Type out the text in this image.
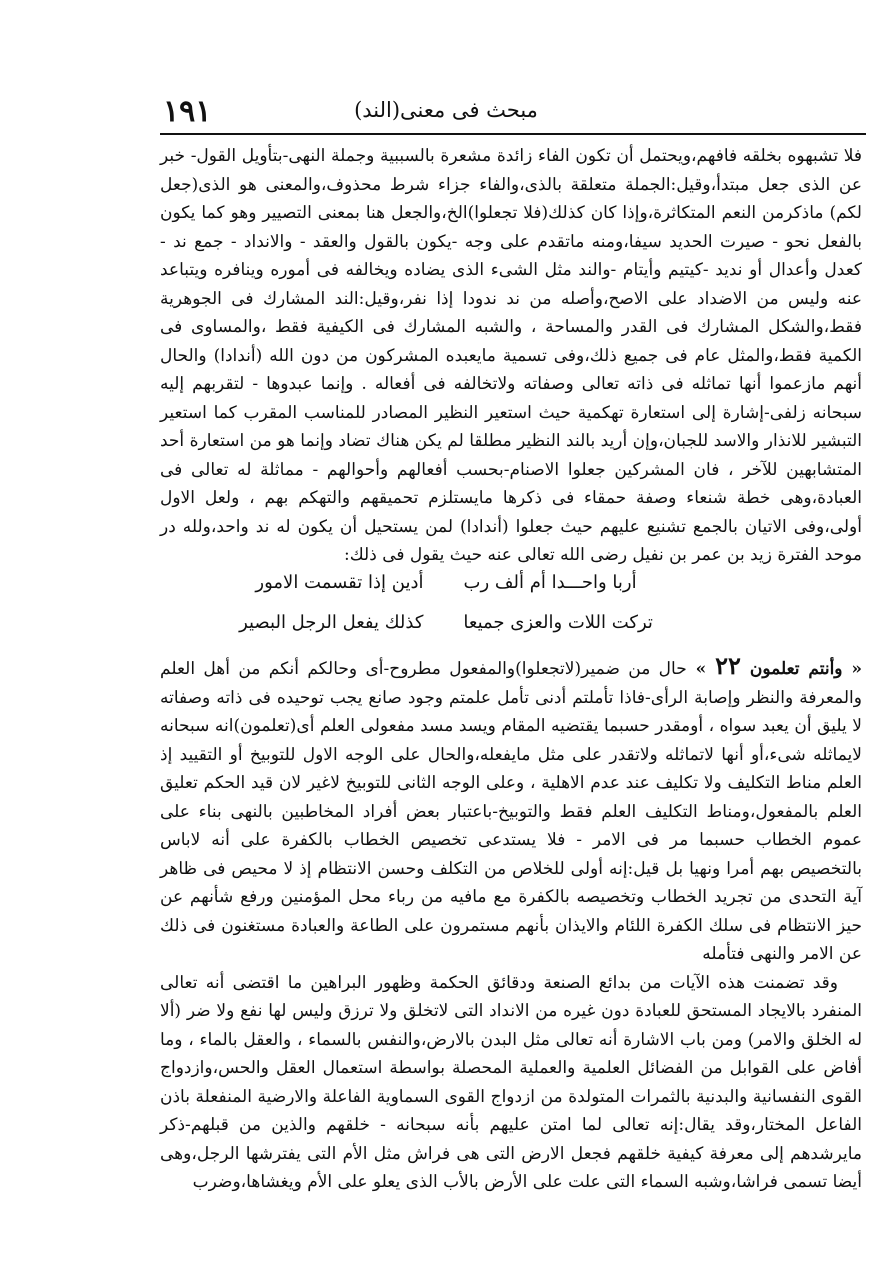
١٩١	مبحث فى معنى(الند)
فلا تشبهوه بخلقه فافهم،ويحتمل أن تكون الفاء زائدة مشعرة بالسببية وجملة النهى-بتأويل القول- خبر عن الذى جعل مبتدأ،وقيل:الجملة متعلقة بالذى،والفاء جزاء شرط محذوف،والمعنى هو الذى(جعل لكم) ماذكرمن النعم المتكاثرة،وإذا كان كذلك(فلا تجعلوا)الخ،والجعل هنا بمعنى التصيير وهو كما يكون بالفعل نحو - صيرت الحديد سيفا،ومنه ماتقدم على وجه -يكون بالقول والعقد - والانداد - جمع ند - كعدل وأعدال أو نديد -كيتيم وأيتام -والند مثل الشىء الذى يضاده ويخالفه فى أموره وينافره ويتباعد عنه وليس من الاضداد على الاصح،وأصله من ند ندودا إذا نفر،وقيل:الند المشارك فى الجوهرية فقط،والشكل المشارك فى القدر والمساحة ، والشبه المشارك فى الكيفية فقط ،والمساوى فى الكمية فقط،والمثل عام فى جميع ذلك،وفى تسمية مايعبده المشركون من دون الله (أندادا) والحال أنهم مازعموا أنها تماثله فى ذاته تعالى وصفاته ولاتخالفه فى أفعاله . وإنما عبدوها - لتقربهم إليه سبحانه زلفى-إشارة إلى استعارة تهكمية حيث استعير النظير المصادر للمناسب المقرب كما استعير التبشير للانذار والاسد للجبان،وإن أريد بالند النظير مطلقا لم يكن هناك تضاد وإنما هو من استعارة أحد المتشابهين للآخر ، فان المشركين جعلوا الاصنام-بحسب أفعالهم وأحوالهم - مماثلة له تعالى فى العبادة،وهى خطة شنعاء وصفة حمقاء فى ذكرها مايستلزم تحميقهم والتهكم بهم ، ولعل الاول أولى،وفى الاتيان بالجمع تشنيع عليهم حيث جعلوا (أندادا) لمن يستحيل أن يكون له ند واحد،ولله در موحد الفترة زيد بن عمر بن نفيل رضى الله تعالى عنه حيث يقول فى ذلك:
أربا واحـــدا أم ألف رب
أدين إذا تقسمت الامور
تركت اللات والعزى جميعا
كذلك يفعل الرجل البصير
« وأنتم تعلمون ٢٢ » حال من ضمير(لاتجعلوا)والمفعول مطروح-أى وحالكم أنكم من أهل العلم والمعرفة والنظر وإصابة الرأى-فاذا تأملتم أدنى تأمل علمتم وجود صانع يجب توحيده فى ذاته وصفاته لا يليق أن يعبد سواه ، أومقدر حسبما يقتضيه المقام ويسد مسد مفعولى العلم أى(تعلمون)انه سبحانه لايماثله شىء،أو أنها لاتماثله ولاتقدر على مثل مايفعله،والحال على الوجه الاول للتوبيخ أو التقييد إذ العلم مناط التكليف ولا تكليف عند عدم الاهلية ، وعلى الوجه الثانى للتوبيخ لاغير لان قيد الحكم تعليق العلم بالمفعول،ومناط التكليف العلم فقط والتوبيخ-باعتبار بعض أفراد المخاطبين بالنهى بناء على عموم الخطاب حسبما مر فى الامر - فلا يستدعى تخصيص الخطاب بالكفرة على أنه لاباس بالتخصيص بهم أمرا ونهيا بل قيل:إنه أولى للخلاص من التكلف وحسن الانتظام إذ لا محيص فى ظاهر آية التحدى من تجريد الخطاب وتخصيصه بالكفرة مع مافيه من رباء محل المؤمنين ورفع شأنهم عن حيز الانتظام فى سلك الكفرة اللئام والايذان بأنهم مستمرون على الطاعة والعبادة مستغنون فى ذلك عن الامر والنهى فتأمله
وقد تضمنت هذه الآيات من بدائع الصنعة ودقائق الحكمة وظهور البراهين ما اقتضى أنه تعالى المنفرد بالايجاد المستحق للعبادة دون غيره من الانداد التى لاتخلق ولا ترزق وليس لها نفع ولا ضر (ألا له الخلق والامر) ومن باب الاشارة أنه تعالى مثل البدن بالارض،والنفس بالسماء ، والعقل بالماء ، وما أفاض على القوابل من الفضائل العلمية والعملية المحصلة بواسطة استعمال العقل والحس،وازدواج القوى النفسانية والبدنية بالثمرات المتولدة من ازدواج القوى السماوية الفاعلة والارضية المنفعلة باذن الفاعل المختار،وقد يقال:إنه تعالى لما امتن عليهم بأنه سبحانه - خلقهم والذين من قبلهم-ذكر مايرشدهم إلى معرفة كيفية خلقهم فجعل الارض التى هى فراش مثل الأم التى يفترشها الرجل،وهى أيضا تسمى فراشا،وشبه السماء التى علت على الأرض بالأب الذى يعلو على الأم ويغشاها،وضرب
